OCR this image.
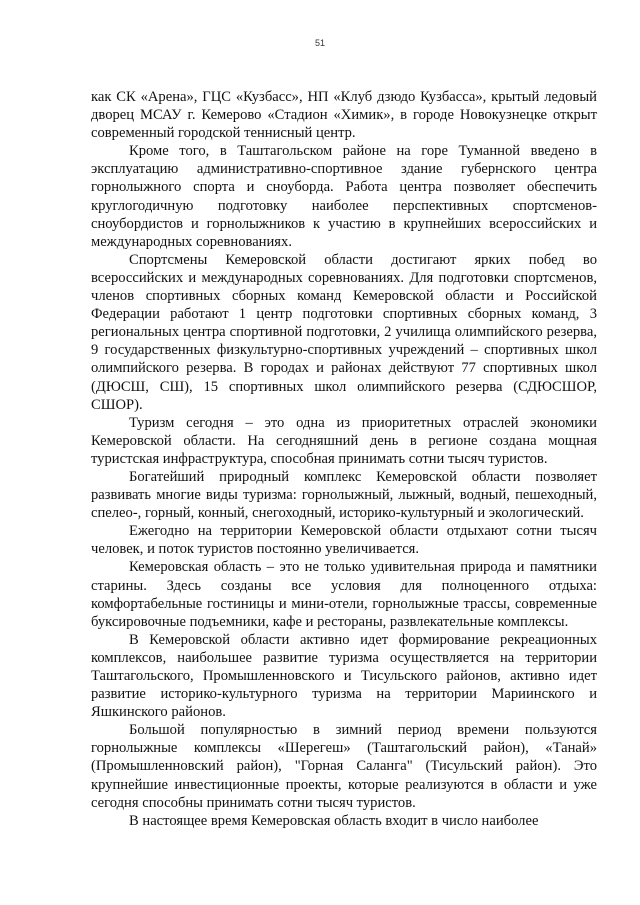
51

как СК «Арена», ГЦС «Кузбасс», НП «Клуб дзюдо Кузбасса», крытый ледовый дворец МСАУ г. Кемерово «Стадион «Химик», в городе Новокузнецке открыт современный городской теннисный центр.

Кроме того, в Таштагольском районе на горе Туманной введено в эксплуатацию административно-спортивное здание губернского центра горнолыжного спорта и сноуборда. Работа центра позволяет обеспечить круглогодичную подготовку наиболее перспективных спортсменов-сноубордистов и горнолыжников к участию в крупнейших всероссийских и международных соревнованиях.

Спортсмены Кемеровской области достигают ярких побед во всероссийских и международных соревнованиях. Для подготовки спортсменов, членов спортивных сборных команд Кемеровской области и Российской Федерации работают 1 центр подготовки спортивных сборных команд, 3 региональных центра спортивной подготовки, 2 училища олимпийского резерва, 9 государственных физкультурно-спортивных учреждений – спортивных школ олимпийского резерва. В городах и районах действуют 77 спортивных школ (ДЮСШ, СШ), 15 спортивных школ олимпийского резерва (СДЮСШОР, СШОР).

Туризм сегодня – это одна из приоритетных отраслей экономики Кемеровской области. На сегодняшний день в регионе создана мощная туристская инфраструктура, способная принимать сотни тысяч туристов.

Богатейший природный комплекс Кемеровской области позволяет развивать многие виды туризма: горнолыжный, лыжный, водный, пешеходный, спелео-, горный, конный, снегоходный, историко-культурный и экологический.

Ежегодно на территории Кемеровской области отдыхают сотни тысяч человек, и поток туристов постоянно увеличивается.

Кемеровская область – это не только удивительная природа и памятники старины. Здесь созданы все условия для полноценного отдыха: комфортабельные гостиницы и мини-отели, горнолыжные трассы, современные буксировочные подъемники, кафе и рестораны, развлекательные комплексы.

В Кемеровской области активно идет формирование рекреационных комплексов, наибольшее развитие туризма осуществляется на территории Таштагольского, Промышленновского и Тисульского районов, активно идет развитие историко-культурного туризма на территории Мариинского и Яшкинского районов.

Большой популярностью в зимний период времени пользуются горнолыжные комплексы «Шерегеш» (Таштагольский район), «Танай» (Промышленновский район), "Горная Саланга" (Тисульский район). Это крупнейшие инвестиционные проекты, которые реализуются в области и уже сегодня способны принимать сотни тысяч туристов.

В настоящее время Кемеровская область входит в число наиболее
